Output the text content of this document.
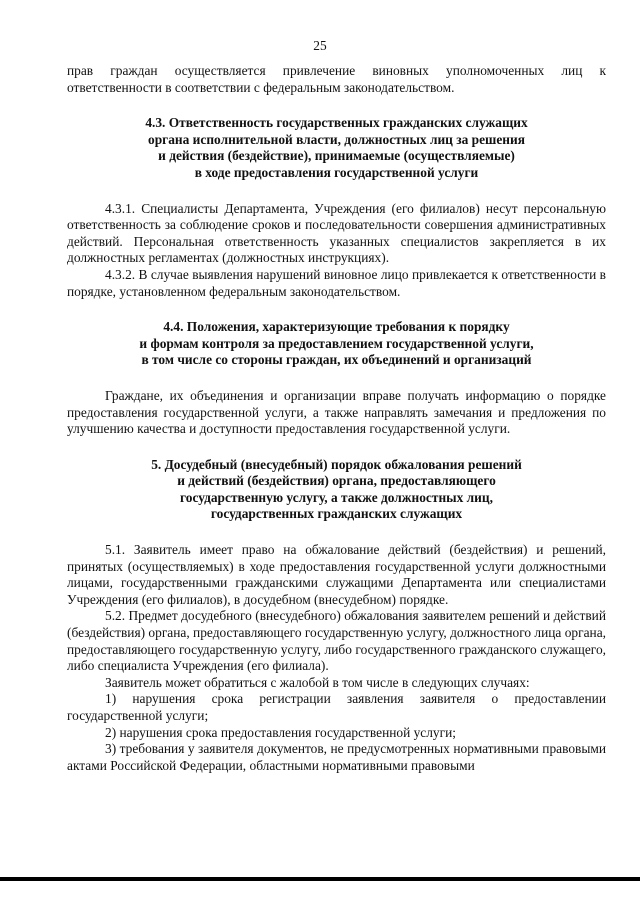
25

прав граждан осуществляется привлечение виновных уполномоченных лиц к ответственности в соответствии с федеральным законодательством.

4.3. Ответственность государственных гражданских служащих
органа исполнительной власти, должностных лиц за решения
и действия (бездействие), принимаемые (осуществляемые)
в ходе предоставления государственной услуги

4.3.1. Специалисты Департамента, Учреждения (его филиалов) несут персональную ответственность за соблюдение сроков и последовательности совершения административных действий. Персональная ответственность указанных специалистов закрепляется в их должностных регламентах (должностных инструкциях).

4.3.2. В случае выявления нарушений виновное лицо привлекается к ответственности в порядке, установленном федеральным законодательством.

4.4. Положения, характеризующие требования к порядку
и формам контроля за предоставлением государственной услуги,
в том числе со стороны граждан, их объединений и организаций

Граждане, их объединения и организации вправе получать информацию о порядке предоставления государственной услуги, а также направлять замечания и предложения по улучшению качества и доступности предоставления государственной услуги.

5. Досудебный (внесудебный) порядок обжалования решений
и действий (бездействия) органа, предоставляющего
государственную услугу, а также должностных лиц,
государственных гражданских служащих

5.1. Заявитель имеет право на обжалование действий (бездействия) и решений, принятых (осуществляемых) в ходе предоставления государственной услуги должностными лицами, государственными гражданскими служащими Департамента или специалистами Учреждения (его филиалов), в досудебном (внесудебном) порядке.

5.2. Предмет досудебного (внесудебного) обжалования заявителем решений и действий (бездействия) органа, предоставляющего государственную услугу, должностного лица органа, предоставляющего государственную услугу, либо государственного гражданского служащего, либо специалиста Учреждения (его филиала).

Заявитель может обратиться с жалобой в том числе в следующих случаях:

1) нарушения срока регистрации заявления заявителя о предоставлении государственной услуги;

2) нарушения срока предоставления государственной услуги;

3) требования у заявителя документов, не предусмотренных нормативными правовыми актами Российской Федерации, областными нормативными правовыми
